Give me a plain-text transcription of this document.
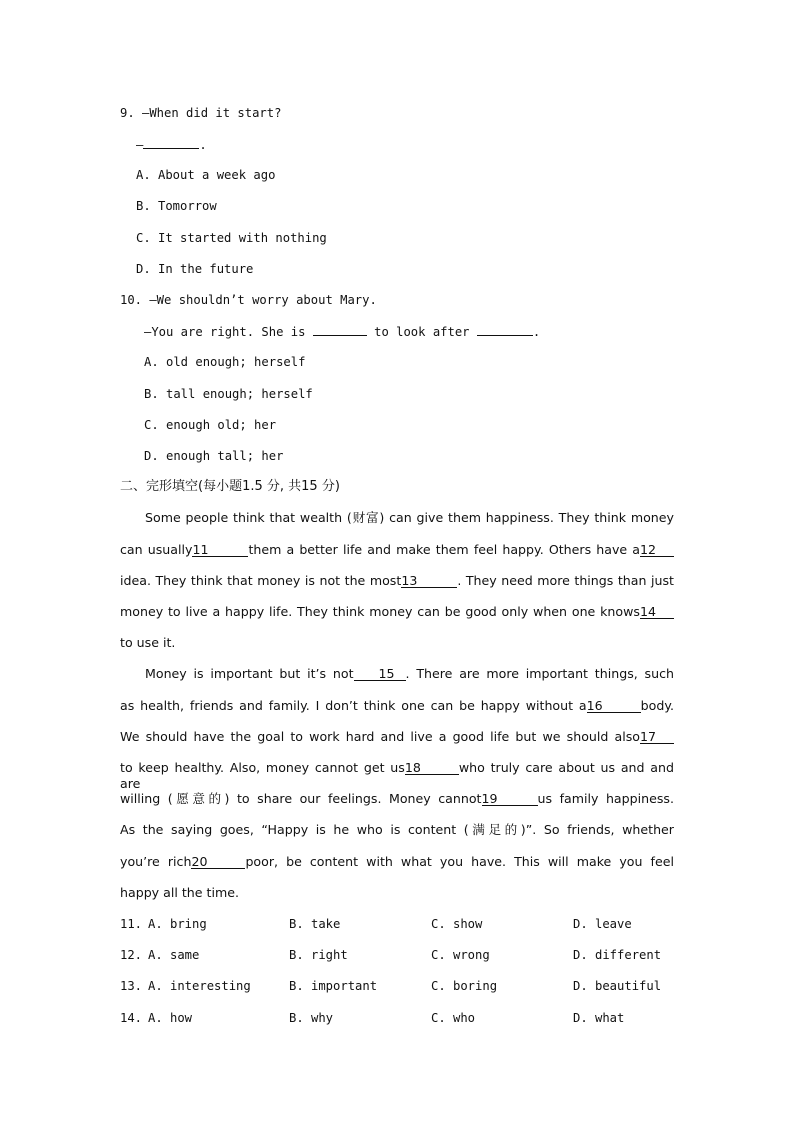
9. —When did it start?
—	.
A. About a week ago
B. Tomorrow
C. It started with nothing
D. In the future
10. —We shouldn’t worry about Mary.
—You are right. She is	to look after	.
A. old enough; herself
B. tall enough; herself
C. enough old; her
D. enough tall; her
二、完形填空(每小题1.5 分, 共15 分)
Some people think that wealth (财富) can give them happiness. They think money
can usually11	them a better life and make them feel happy. Others have a12
idea. They think that money is not the most13	. They need more things than just
money to live a happy life. They think money can be good only when one knows14
to use it.
Money is important but it’s not 15 . There are more important things, such
as health, friends and family. I don’t think one can be happy without a16	body.
We should have the goal to work hard and live a good life but we should also17
to keep healthy. Also, money cannot get us18	who truly care about us and and are
willing (愿意的) to share our feelings. Money cannot19	us family happiness.
As the saying goes, “Happy is he who is content (满足的)”. So friends, whether
you’re rich20	poor, be content with what you have. This will make you feel
happy all the time.
11. A. bring	B. take	C. show	D. leave
12. A. same	B. right	C. wrong	D. different
13. A. interesting	B. important	C. boring	D. beautiful
14. A. how	B. why	C. who	D. what
